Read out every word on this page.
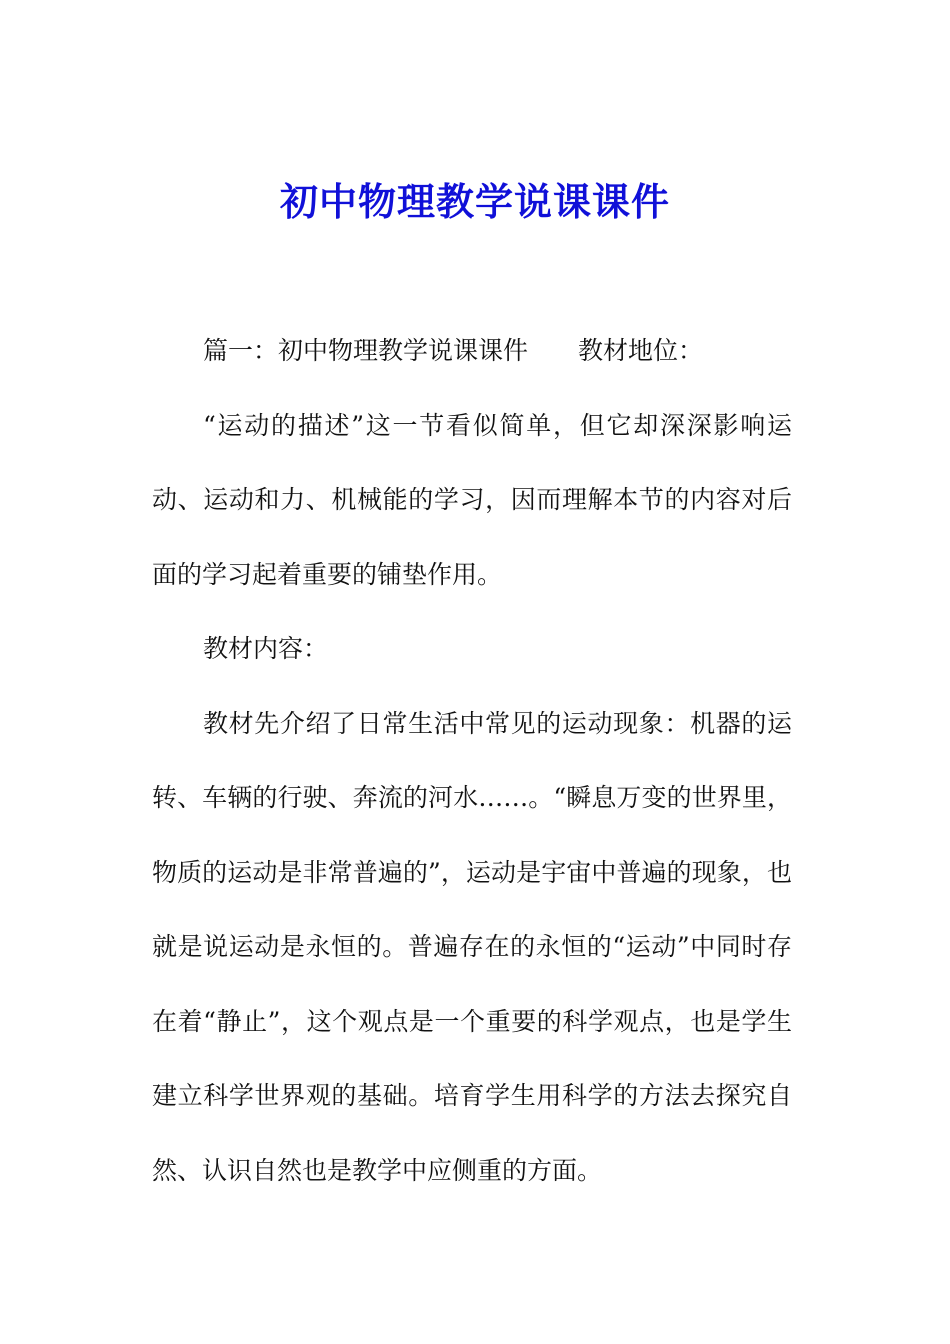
初中物理教学说课课件

篇一：初中物理教学说课课件 教材地位：

“运动的描述”这一节看似简单，但它却深深影响运动、运动和力、机械能的学习，因而理解本节的内容对后面的学习起着重要的铺垫作用。

教材内容：

教材先介绍了日常生活中常见的运动现象：机器的运转、车辆的行驶、奔流的河水……。“瞬息万变的世界里，物质的运动是非常普遍的”，运动是宇宙中普遍的现象，也就是说运动是永恒的。普遍存在的永恒的“运动”中同时存在着“静止”，这个观点是一个重要的科学观点，也是学生建立科学世界观的基础。培育学生用科学的方法去探究自然、认识自然也是教学中应侧重的方面。
